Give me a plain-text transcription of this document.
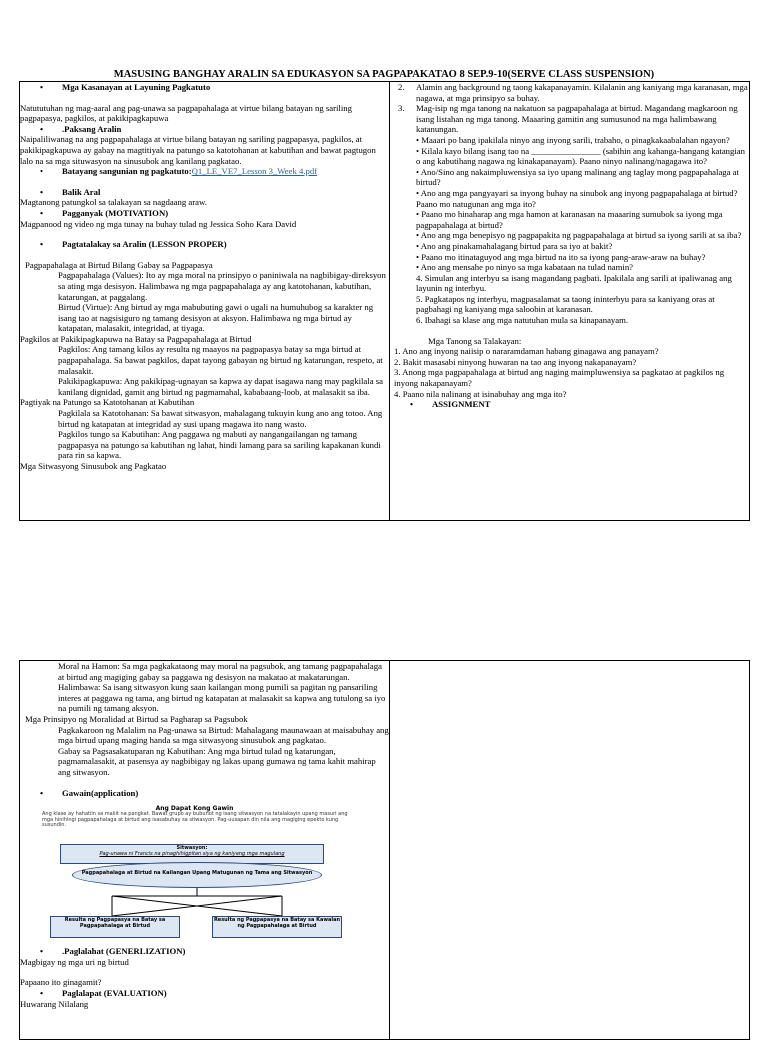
MASUSING BANGHAY ARALIN SA EDUKASYON SA PAGPAPAKATAO 8 SEP.9-10(SERVE CLASS SUSPENSION)
• Mga Kasanayan at Layuning Pagkatuto

Natututuhan ng mag-aaral ang pag-unawa sa pagpapahalaga at virtue bilang batayan ng sariling pagpapasya, pagkilos, at pakikipagkapuwa

• .Paksang Aralin

Naipaliliwanag na ang pagpapahalaga at virtue bilang batayan ng sariling pagpapasya, pagkilos, at pakikipagkapuwa ay gabay na magtitiyak na patungo sa katotohanan at kabutihan and bawat pagtugon lalo na sa mga situwasyon na sinusubok ang kanilang pagkatao.

• Batayang sangunian ng pagkatuto:Q1_LE_VE7_Lesson 3_Week 4.pdf
• Balik Aral

Magtanong patungkol sa talakayan sa nagdaang araw.

• Pagganyak (MOTIVATION)

Magpanood ng video ng mga tunay na buhay tulad ng Jessica Soho Kara David

• Pagtatalakay sa Aralin (LESSON PROPER)

Pagpapahalaga at Birtud Bilang Gabay sa Pagpapasya

Pagpapahalaga (Values): Ito ay mga moral na prinsipyo o paniniwala na nagbibigay-direksyon sa ating mga desisyon. Halimbawa ng mga pagpapahalaga ay ang katotohanan, kabutihan, katarungan, at paggalang.

Birtud (Virtue): Ang birtud ay mga mabubuting gawi o ugali na humuhubog sa karakter ng isang tao at nagsisiguro ng tamang desisyon at aksyon. Halimbawa ng mga birtud ay katapatan, malasakit, integridad, at tiyaga.

Pagkilos at Pakikipagkapuwa na Batay sa Pagpapahalaga at Birtud

Pagkilos: Ang tamang kilos ay resulta ng maayos na pagpapasya batay sa mga birtud at pagpapahalaga. Sa bawat pagkilos, dapat tayong gabayan ng birtud ng katarungan, respeto, at malasakit.

Pakikipagkapuwa: Ang pakikipag-ugnayan sa kapwa ay dapat isagawa nang may pagkilala sa kanilang dignidad, gamit ang birtud ng pagmamahal, kababaang-loob, at malasakit sa iba.

Pagtiyak na Patungo sa Katotohanan at Kabutihan

Pagkilala sa Katotohanan: Sa bawat sitwasyon, mahalagang tukuyin kung ano ang totoo. Ang birtud ng katapatan at integridad ay susi upang magawa ito nang wasto.

Pagkilos tungo sa Kabutihan: Ang paggawa ng mabuti ay nangangailangan ng tamang pagpapasya na patungo sa kabutihan ng lahat, hindi lamang para sa sariling kapakanan kundi para rin sa kapwa.

Mga Sitwasyong Sinusubok ang Pagkatao

2. Alamin ang background ng taong kakapanayamin. Kilalanin ang kaniyang mga karanasan, mga nagawa, at mga prinsipyo sa buhay.
3. Mag-isip ng mga tanong na nakatuon sa pagpapahalaga at birtud. Magandang magkaroon ng isang listahan ng mga tanong. Maaaring gamitin ang sumusunod na mga halimbawang katanungan.

• Maaari po bang ipakilala ninyo ang inyong sarili, trabaho, o pinagkakaabalahan ngayon?

• Kilala kayo bilang isang tao na ________________ (sabihin ang kahanga-hangang katangian o ang kabutihang nagawa ng kinakapanayam). Paano ninyo nalinang/nagagawa ito?

• Ano/Sino ang nakaimpluwensiya sa iyo upang malinang ang taglay mong pagpapahalaga at birtud?

• Ano ang mga pangyayari sa inyong buhay na sinubok ang inyong pagpapahalaga at birtud? Paano mo natugunan ang mga ito?

• Paano mo hinaharap ang mga hamon at karanasan na maaaring sumubok sa iyong mga pagpapahalaga at birtud?

• Ano ang mga benepisyo ng pagpapakita ng pagpapahalaga at birtud sa iyong sarili at sa iba?

• Ano ang pinakamahalagang birtud para sa iyo at bakit?

• Paano mo itinataguyod ang mga birtud na ito sa iyong pang-araw-araw na buhay?

• Ano ang mensahe po ninyo sa mga kabataan na tulad namin?

4. Simulan ang interbyu sa isang magandang pagbati. Ipakilala ang sarili at ipaliwanag ang layunin ng interbyu.

5. Pagkatapos ng interbyu, magpasalamat sa taong ininterbyu para sa kaniyang oras at pagbahagi ng kaniyang mga saloobin at karanasan.

6. Ibahagi sa klase ang mga natutuhan mula sa kinapanayam.

Mga Tanong sa Talakayan:

1. Ano ang inyong naiisip o nararamdaman habang ginagawa ang panayam?

2. Bakit masasabi ninyong huwaran na tao ang inyong nakapanayam?

3. Anong mga pagpapahalaga at birtud ang naging maimpluwensiya sa pagkatao at pagkilos ng inyong nakapanayam?

4. Paano nila nalinang at isinabuhay ang mga ito?

• ASSIGNMENT

Moral na Hamon: Sa mga pagkakataong may moral na pagsubok, ang tamang pagpapahalaga at birtud ang magiging gabay sa paggawa ng desisyon na makatao at makatarungan.

Halimbawa: Sa isang sitwasyon kung saan kailangan mong pumili sa pagitan ng pansariling interes at paggawa ng tama, ang birtud ng katapatan at malasakit sa kapwa ang tutulong sa iyo na pumili ng tamang aksyon.

Mga Prinsipyo ng Moralidad at Birtud sa Pagharap sa Pagsubok

Pagkakaroon ng Malalim na Pag-unawa sa Birtud: Mahalagang maunawaan at maisabuhay ang mga birtud upang maging handa sa mga sitwasyong sinusubok ang pagkatao.

Gabay sa Pagsasakatuparan ng Kabutihan: Ang mga birtud tulad ng katarungan, pagmamalasakit, at pasensya ay nagbibigay ng lakas upang gumawa ng tama kahit mahirap ang sitwasyon.

• Gawain(application)
Ang Dapat Kong Gawin
Ang klase ay hahatiin sa maliit na pangkat. Bawat grupo ay bubunot ng isang sitwasyon na tatalakayin upang masuri ang mga hinihingi pagpapahalaga at birtud ang isasabuhay sa sitwasyon. Pag-uusapan din nila ang magiging epekto kung susundin.
Sitwasyon:
Pag-unawa ni Francis na pinaghihigpitan siya ng kaniyang mga magulang
Pagpapahalaga at Birtud na Kailangan Upang Matugunan ng Tama ang Sitwasyon
Resulta ng Pagpapasya na Batay sa Pagpapahalaga at Birtud
Resulta ng Pagpapasya na Batay sa Kawalan ng Pagpapahalaga at Birtud
• .Paglalahat (GENERLIZATION)

Magbigay ng mga uri ng birtud

Papaano ito ginagamit?

• Paglalapat (EVALUATION)

Huwarang Nilalang
